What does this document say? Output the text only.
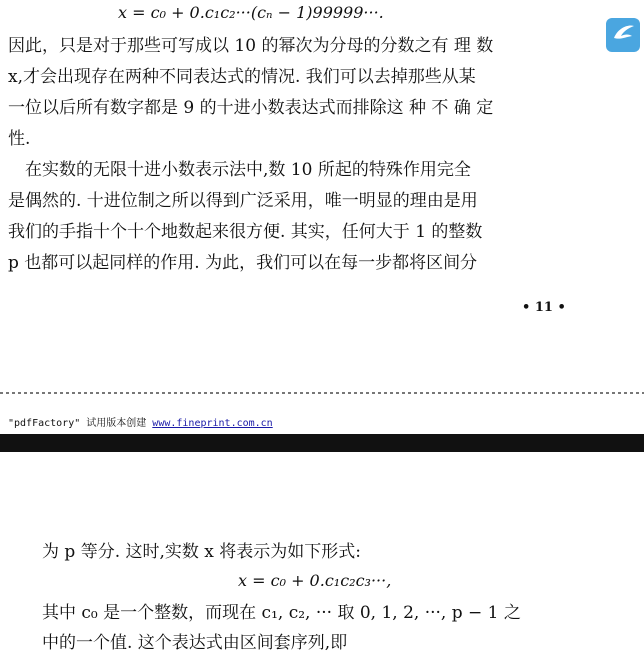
x = c₀ + 0.c₁c₂···(cₙ − 1)99999···.
因此，只是对于那些可写成以 10 的幂次为分母的分数之有 理 数
x,才会出现存在两种不同表达式的情况. 我们可以去掉那些从某
一位以后所有数字都是 9 的十进小数表达式而排除这 种 不 确 定
性.
　在实数的无限十进小数表示法中,数 10 所起的特殊作用完全
是偶然的. 十进位制之所以得到广泛采用，唯一明显的理由是用
我们的手指十个十个地数起来很方便. 其实，任何大于 1 的整数
p 也都可以起同样的作用. 为此，我们可以在每一步都将区间分
• 11 •
"pdfFactory" 试用版本创建 www.fineprint.com.cn
为 p 等分. 这时,实数 x 将表示为如下形式:
x = c₀ + 0.c₁c₂c₃···,
其中 c₀ 是一个整数，而现在 c₁, c₂, ··· 取 0, 1, 2, ···, p − 1 之
中的一个值. 这个表达式由区间套序列,即
